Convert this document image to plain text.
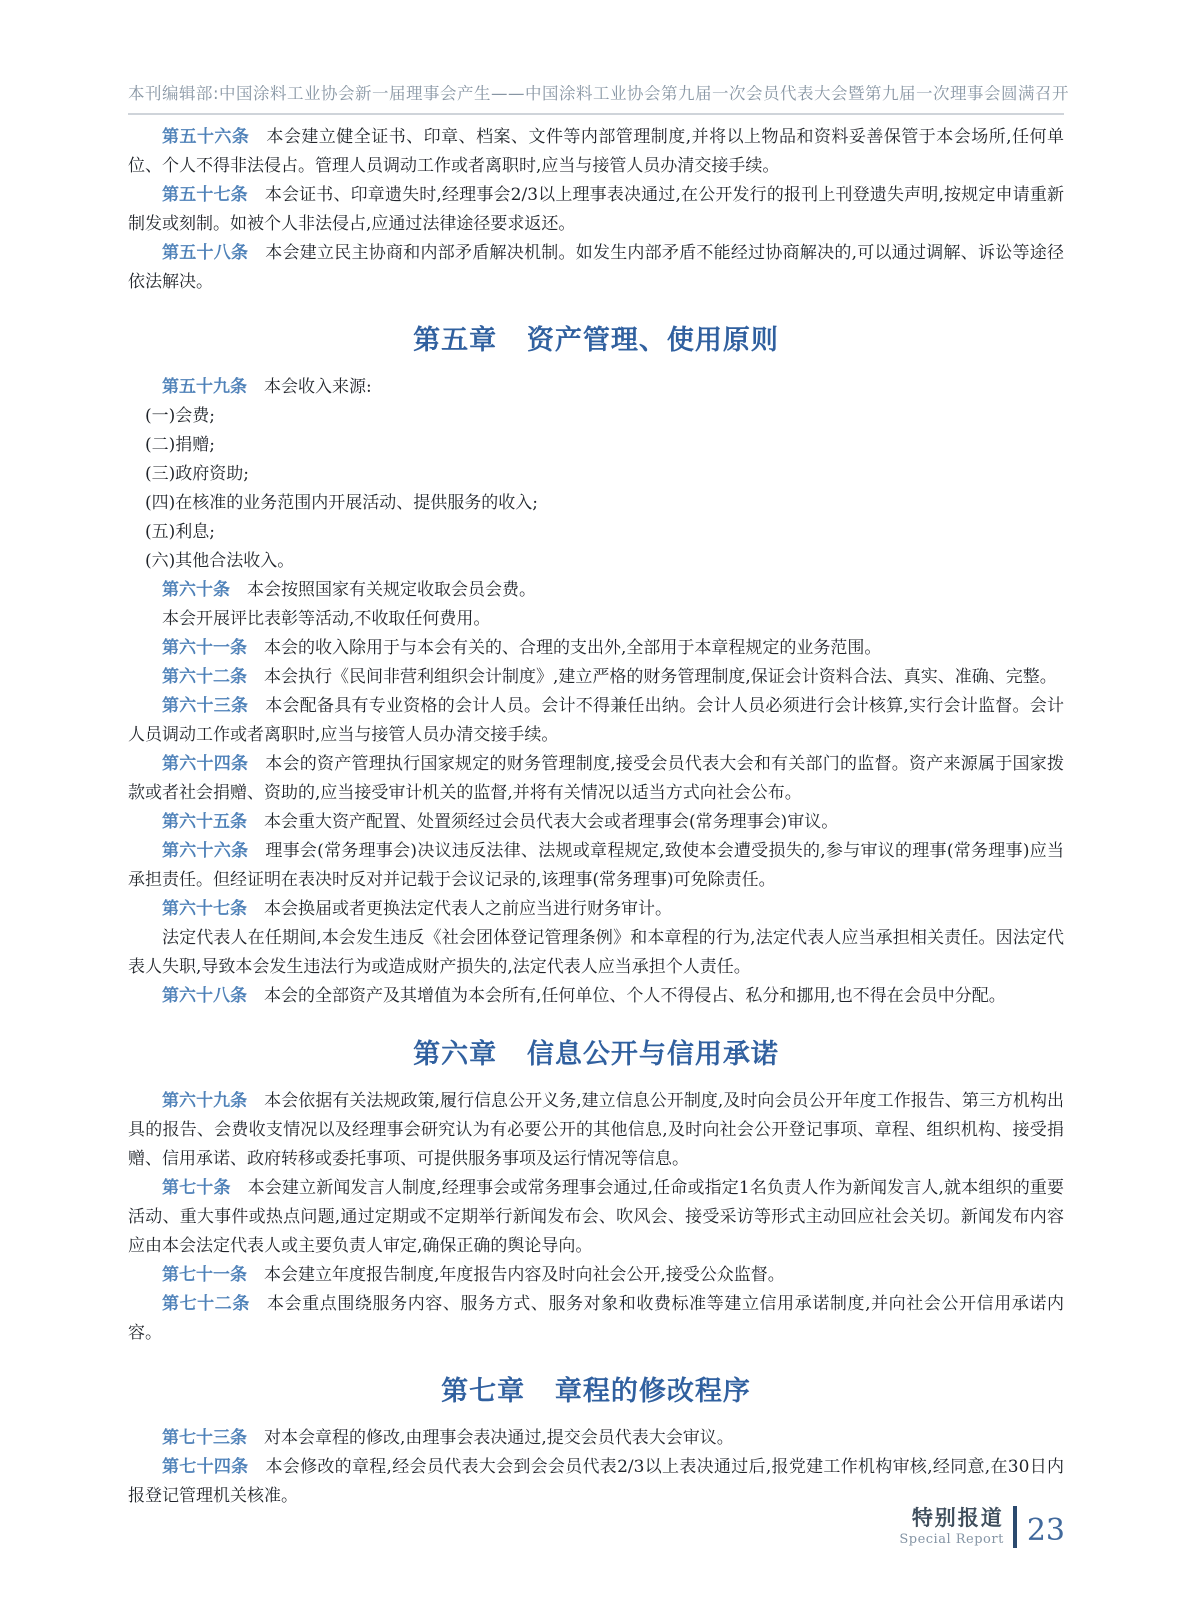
本刊编辑部:中国涂料工业协会新一届理事会产生——中国涂料工业协会第九届一次会员代表大会暨第九届一次理事会圆满召开

第五十六条 本会建立健全证书、印章、档案、文件等内部管理制度,并将以上物品和资料妥善保管于本会场所,任何单位、个人不得非法侵占。管理人员调动工作或者离职时,应当与接管人员办清交接手续。

第五十七条 本会证书、印章遗失时,经理事会2/3以上理事表决通过,在公开发行的报刊上刊登遗失声明,按规定申请重新制发或刻制。如被个人非法侵占,应通过法律途径要求返还。

第五十八条 本会建立民主协商和内部矛盾解决机制。如发生内部矛盾不能经过协商解决的,可以通过调解、诉讼等途径依法解决。

第五章 资产管理、使用原则

第五十九条 本会收入来源:

(一)会费;

(二)捐赠;

(三)政府资助;

(四)在核准的业务范围内开展活动、提供服务的收入;

(五)利息;

(六)其他合法收入。

第六十条 本会按照国家有关规定收取会员会费。

本会开展评比表彰等活动,不收取任何费用。

第六十一条 本会的收入除用于与本会有关的、合理的支出外,全部用于本章程规定的业务范围。

第六十二条 本会执行《民间非营利组织会计制度》,建立严格的财务管理制度,保证会计资料合法、真实、准确、完整。

第六十三条 本会配备具有专业资格的会计人员。会计不得兼任出纳。会计人员必须进行会计核算,实行会计监督。会计人员调动工作或者离职时,应当与接管人员办清交接手续。

第六十四条 本会的资产管理执行国家规定的财务管理制度,接受会员代表大会和有关部门的监督。资产来源属于国家拨款或者社会捐赠、资助的,应当接受审计机关的监督,并将有关情况以适当方式向社会公布。

第六十五条 本会重大资产配置、处置须经过会员代表大会或者理事会(常务理事会)审议。

第六十六条 理事会(常务理事会)决议违反法律、法规或章程规定,致使本会遭受损失的,参与审议的理事(常务理事)应当承担责任。但经证明在表决时反对并记载于会议记录的,该理事(常务理事)可免除责任。

第六十七条 本会换届或者更换法定代表人之前应当进行财务审计。

法定代表人在任期间,本会发生违反《社会团体登记管理条例》和本章程的行为,法定代表人应当承担相关责任。因法定代表人失职,导致本会发生违法行为或造成财产损失的,法定代表人应当承担个人责任。

第六十八条 本会的全部资产及其增值为本会所有,任何单位、个人不得侵占、私分和挪用,也不得在会员中分配。

第六章 信息公开与信用承诺

第六十九条 本会依据有关法规政策,履行信息公开义务,建立信息公开制度,及时向会员公开年度工作报告、第三方机构出具的报告、会费收支情况以及经理事会研究认为有必要公开的其他信息,及时向社会公开登记事项、章程、组织机构、接受捐赠、信用承诺、政府转移或委托事项、可提供服务事项及运行情况等信息。

第七十条 本会建立新闻发言人制度,经理事会或常务理事会通过,任命或指定1名负责人作为新闻发言人,就本组织的重要活动、重大事件或热点问题,通过定期或不定期举行新闻发布会、吹风会、接受采访等形式主动回应社会关切。新闻发布内容应由本会法定代表人或主要负责人审定,确保正确的舆论导向。

第七十一条 本会建立年度报告制度,年度报告内容及时向社会公开,接受公众监督。

第七十二条 本会重点围绕服务内容、服务方式、服务对象和收费标准等建立信用承诺制度,并向社会公开信用承诺内容。

第七章 章程的修改程序

第七十三条 对本会章程的修改,由理事会表决通过,提交会员代表大会审议。

第七十四条 本会修改的章程,经会员代表大会到会会员代表2/3以上表决通过后,报党建工作机构审核,经同意,在30日内报登记管理机关核准。

特别报道
Special Report 23
